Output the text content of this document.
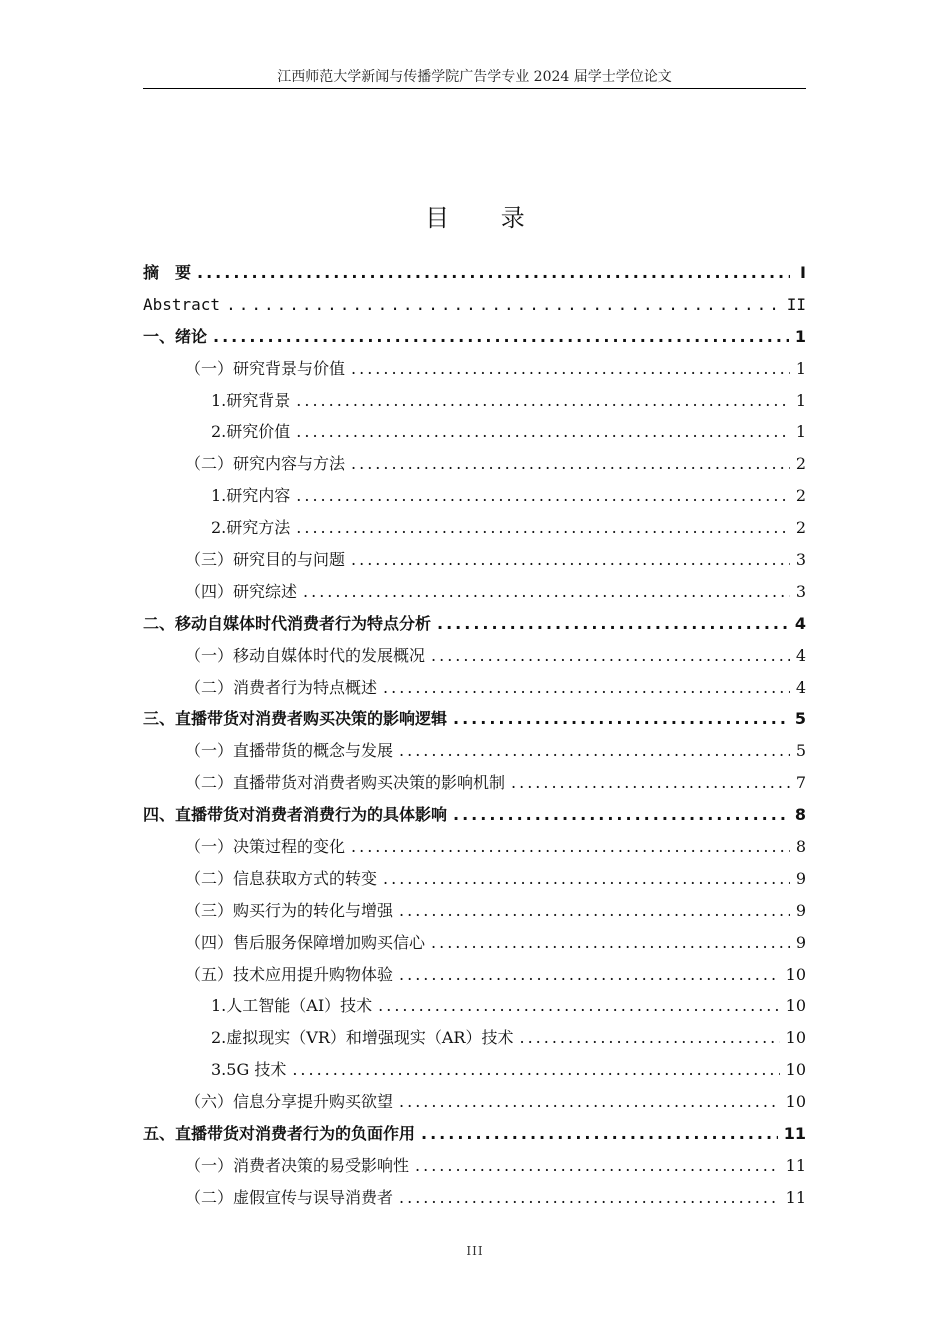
江西师范大学新闻与传播学院广告学专业 2024 届学士学位论文
目 录
摘　要 .....	I
Abstract .....	II
一、绪论 .....	1
（一）研究背景与价值 .....	1
1.研究背景 .....	1
2.研究价值 .....	1
（二）研究内容与方法 .....	2
1.研究内容 .....	2
2.研究方法 .....	2
（三）研究目的与问题 .....	3
（四）研究综述 .....	3
二、移动自媒体时代消费者行为特点分析 .....	4
（一）移动自媒体时代的发展概况 .....	4
（二）消费者行为特点概述 .....	4
三、直播带货对消费者购买决策的影响逻辑 .....	5
（一）直播带货的概念与发展 .....	5
（二）直播带货对消费者购买决策的影响机制 .....	7
四、直播带货对消费者消费行为的具体影响 .....	8
（一）决策过程的变化 .....	8
（二）信息获取方式的转变 .....	9
（三）购买行为的转化与增强 .....	9
（四）售后服务保障增加购买信心 .....	9
（五）技术应用提升购物体验 .....	10
1.人工智能（AI）技术 .....	10
2.虚拟现实（VR）和增强现实（AR）技术 .....	10
3.5G 技术 .....	10
（六）信息分享提升购买欲望 .....	10
五、直播带货对消费者行为的负面作用 .....	11
（一）消费者决策的易受影响性 .....	11
（二）虚假宣传与误导消费者 .....	11
III
